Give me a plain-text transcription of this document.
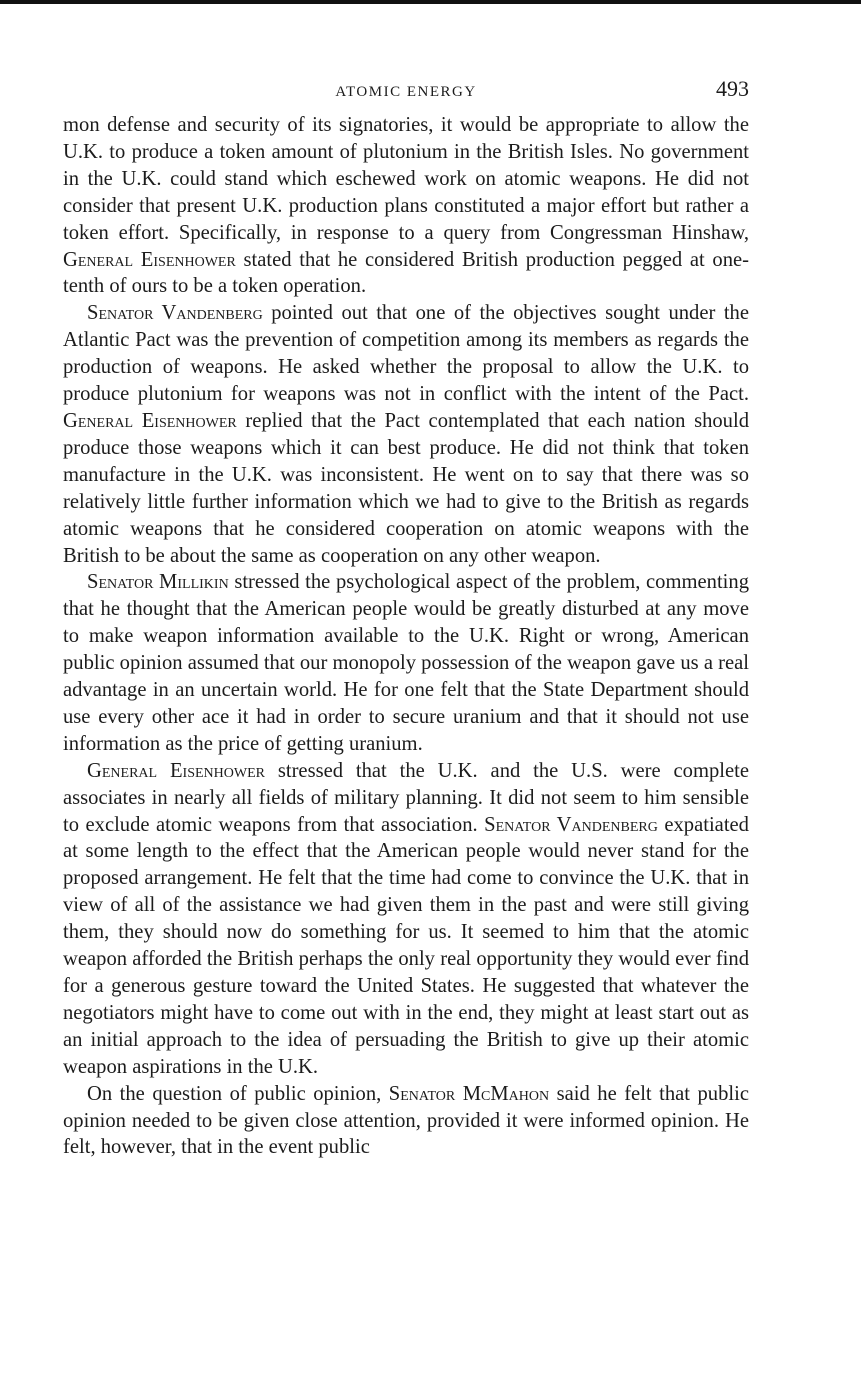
ATOMIC ENERGY	493

mon defense and security of its signatories, it would be appropriate to allow the U.K. to produce a token amount of plutonium in the British Isles. No government in the U.K. could stand which eschewed work on atomic weapons. He did not consider that present U.K. production plans constituted a major effort but rather a token effort. Specifically, in response to a query from Congressman Hinshaw, General Eisenhower stated that he considered British production pegged at one-tenth of ours to be a token operation.

Senator Vandenberg pointed out that one of the objectives sought under the Atlantic Pact was the prevention of competition among its members as regards the production of weapons. He asked whether the proposal to allow the U.K. to produce plutonium for weapons was not in conflict with the intent of the Pact. General Eisenhower replied that the Pact contemplated that each nation should produce those weapons which it can best produce. He did not think that token manufacture in the U.K. was inconsistent. He went on to say that there was so relatively little further information which we had to give to the British as regards atomic weapons that he considered cooperation on atomic weapons with the British to be about the same as cooperation on any other weapon.

Senator Millikin stressed the psychological aspect of the problem, commenting that he thought that the American people would be greatly disturbed at any move to make weapon information available to the U.K. Right or wrong, American public opinion assumed that our monopoly possession of the weapon gave us a real advantage in an uncertain world. He for one felt that the State Department should use every other ace it had in order to secure uranium and that it should not use information as the price of getting uranium.

General Eisenhower stressed that the U.K. and the U.S. were complete associates in nearly all fields of military planning. It did not seem to him sensible to exclude atomic weapons from that association. Senator Vandenberg expatiated at some length to the effect that the American people would never stand for the proposed arrangement. He felt that the time had come to convince the U.K. that in view of all of the assistance we had given them in the past and were still giving them, they should now do something for us. It seemed to him that the atomic weapon afforded the British perhaps the only real opportunity they would ever find for a generous gesture toward the United States. He suggested that whatever the negotiators might have to come out with in the end, they might at least start out as an initial approach to the idea of persuading the British to give up their atomic weapon aspirations in the U.K.

On the question of public opinion, Senator McMahon said he felt that public opinion needed to be given close attention, provided it were informed opinion. He felt, however, that in the event public
